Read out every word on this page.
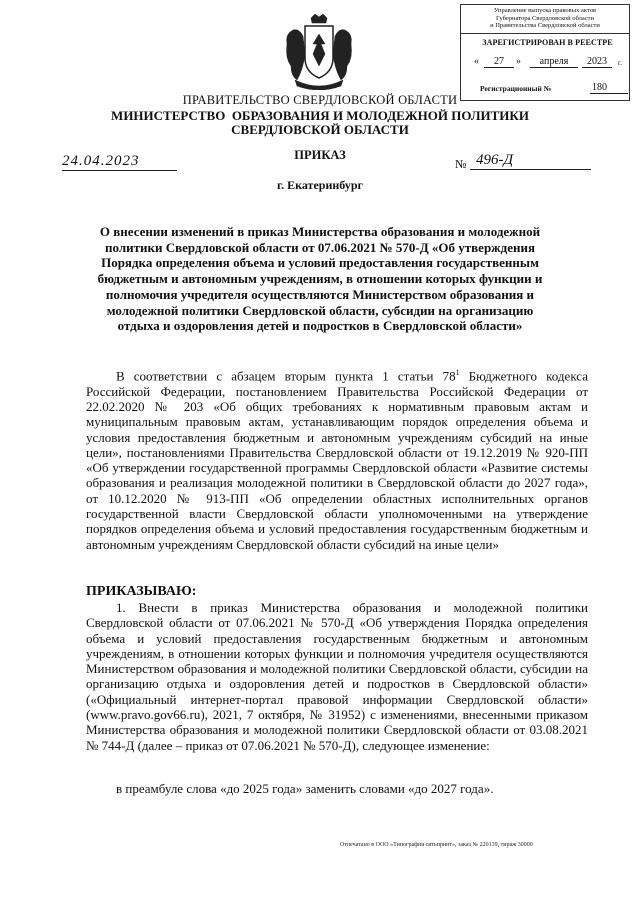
Управление выпуска правовых актов
Губернатора Свердловской области
и Правительства Свердловской области
ЗАРЕГИСТРИРОВАН В РЕЕСТРЕ
«	27	»	апреля	2023	г.
Регистрационный №	180
ПРАВИТЕЛЬСТВО СВЕРДЛОВСКОЙ ОБЛАСТИ
МИНИСТЕРСТВО  ОБРАЗОВАНИЯ И МОЛОДЕЖНОЙ ПОЛИТИКИ
СВЕРДЛОВСКОЙ ОБЛАСТИ
ПРИКАЗ
24.04.2023	№ 496-Д
г. Екатеринбург
О внесении изменений в приказ Министерства образования и молодежной политики Свердловской области от 07.06.2021 № 570-Д «Об утверждения Порядка определения объема и условий предоставления государственным бюджетным и автономным учреждениям, в отношении которых функции и полномочия учредителя осуществляются Министерством образования и молодежной политики Свердловской области, субсидии на организацию отдыха и оздоровления детей и подростков в Свердловской области»
В соответствии с абзацем вторым пункта 1 статьи $78^1$ Бюджетного кодекса Российской Федерации, постановлением Правительства Российской Федерации от 22.02.2020 № 203 «Об общих требованиях к нормативным правовым актам и муниципальным правовым актам, устанавливающим порядок определения объема и условия предоставления бюджетным и автономным учреждениям субсидий на иные цели», постановлениями Правительства Свердловской области от 19.12.2019 № 920-ПП «Об утверждении государственной программы Свердловской области «Развитие системы образования и реализация молодежной политики в Свердловской области до 2027 года», от 10.12.2020 № 913-ПП «Об определении областных исполнительных органов государственной власти Свердловской области уполномоченными на утверждение порядков определения объема и условий предоставления государственным бюджетным и автономным учреждениям Свердловской области субсидий на иные цели»
ПРИКАЗЫВАЮ:
1. Внести в приказ Министерства образования и молодежной политики Свердловской области от 07.06.2021 № 570-Д «Об утверждения Порядка определения объема и условий предоставления государственным бюджетным и автономным учреждениям, в отношении которых функции и полномочия учредителя осуществляются Министерством образования и молодежной политики Свердловской области, субсидии на организацию отдыха и оздоровления детей и подростков в Свердловской области» («Официальный интернет-портал правовой информации Свердловской области» (www.pravo.gov66.ru), 2021, 7 октября, № 31952) с изменениями, внесенными приказом Министерства образования и молодежной политики Свердловской области от 03.08.2021 № 744-Д (далее – приказ от 07.06.2021 № 570-Д), следующее изменение:
в преамбуле слова «до 2025 года» заменить словами «до 2027 года».
Отпечатано в ООО «Типография ситьпринт», заказ № 220139, тираж 30000
